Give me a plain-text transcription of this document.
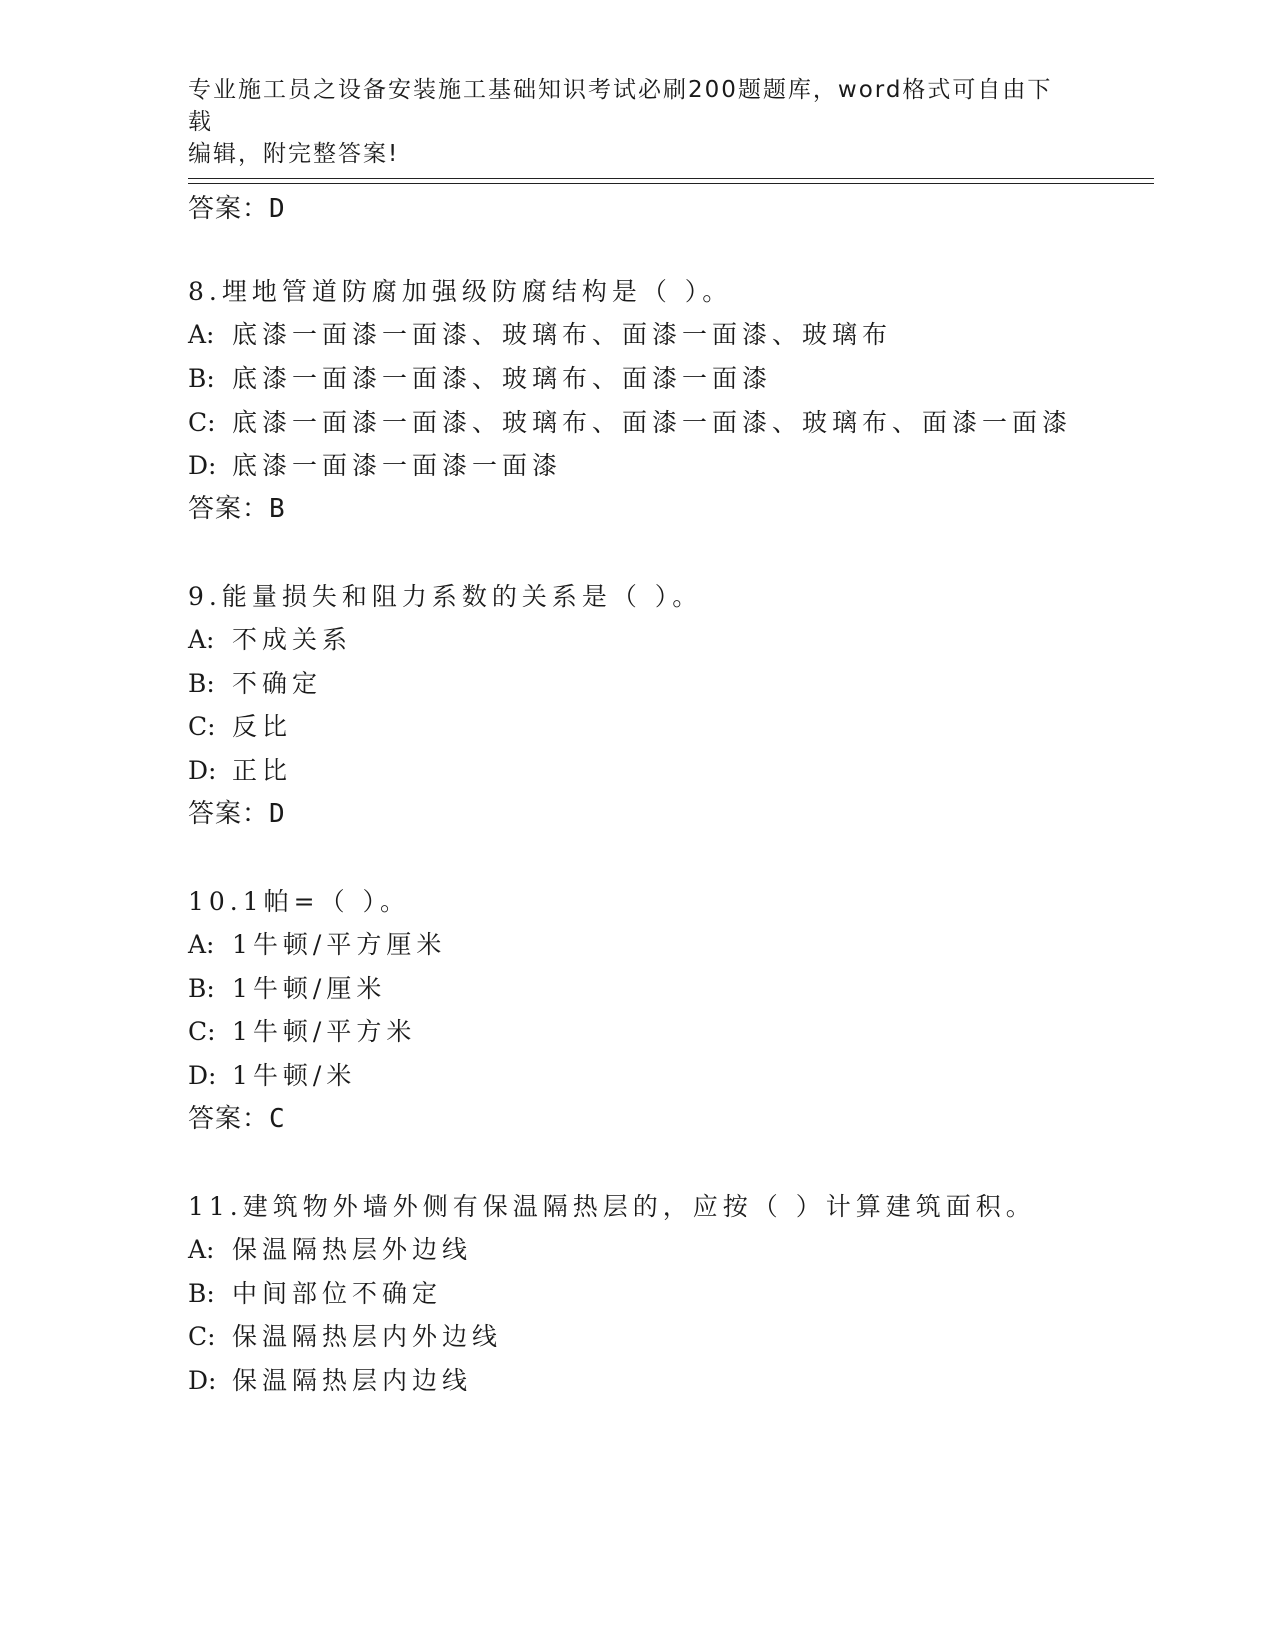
专业施工员之设备安装施工基础知识考试必刷200题题库，word格式可自由下载
编辑，附完整答案!
答案：D
8.埋地管道防腐加强级防腐结构是（ ）。
A: 底漆一面漆一面漆、玻璃布、面漆一面漆、玻璃布
B: 底漆一面漆一面漆、玻璃布、面漆一面漆
C: 底漆一面漆一面漆、玻璃布、面漆一面漆、玻璃布、面漆一面漆
D: 底漆一面漆一面漆一面漆
答案：B
9.能量损失和阻力系数的关系是（ ）。
A: 不成关系
B: 不确定
C: 反比
D: 正比
答案：D
10.1帕=（ ）。
A: 1牛顿/平方厘米
B: 1牛顿/厘米
C: 1牛顿/平方米
D: 1牛顿/米
答案：C
11.建筑物外墙外侧有保温隔热层的，应按（ ）计算建筑面积。
A: 保温隔热层外边线
B: 中间部位不确定
C: 保温隔热层内外边线
D: 保温隔热层内边线
